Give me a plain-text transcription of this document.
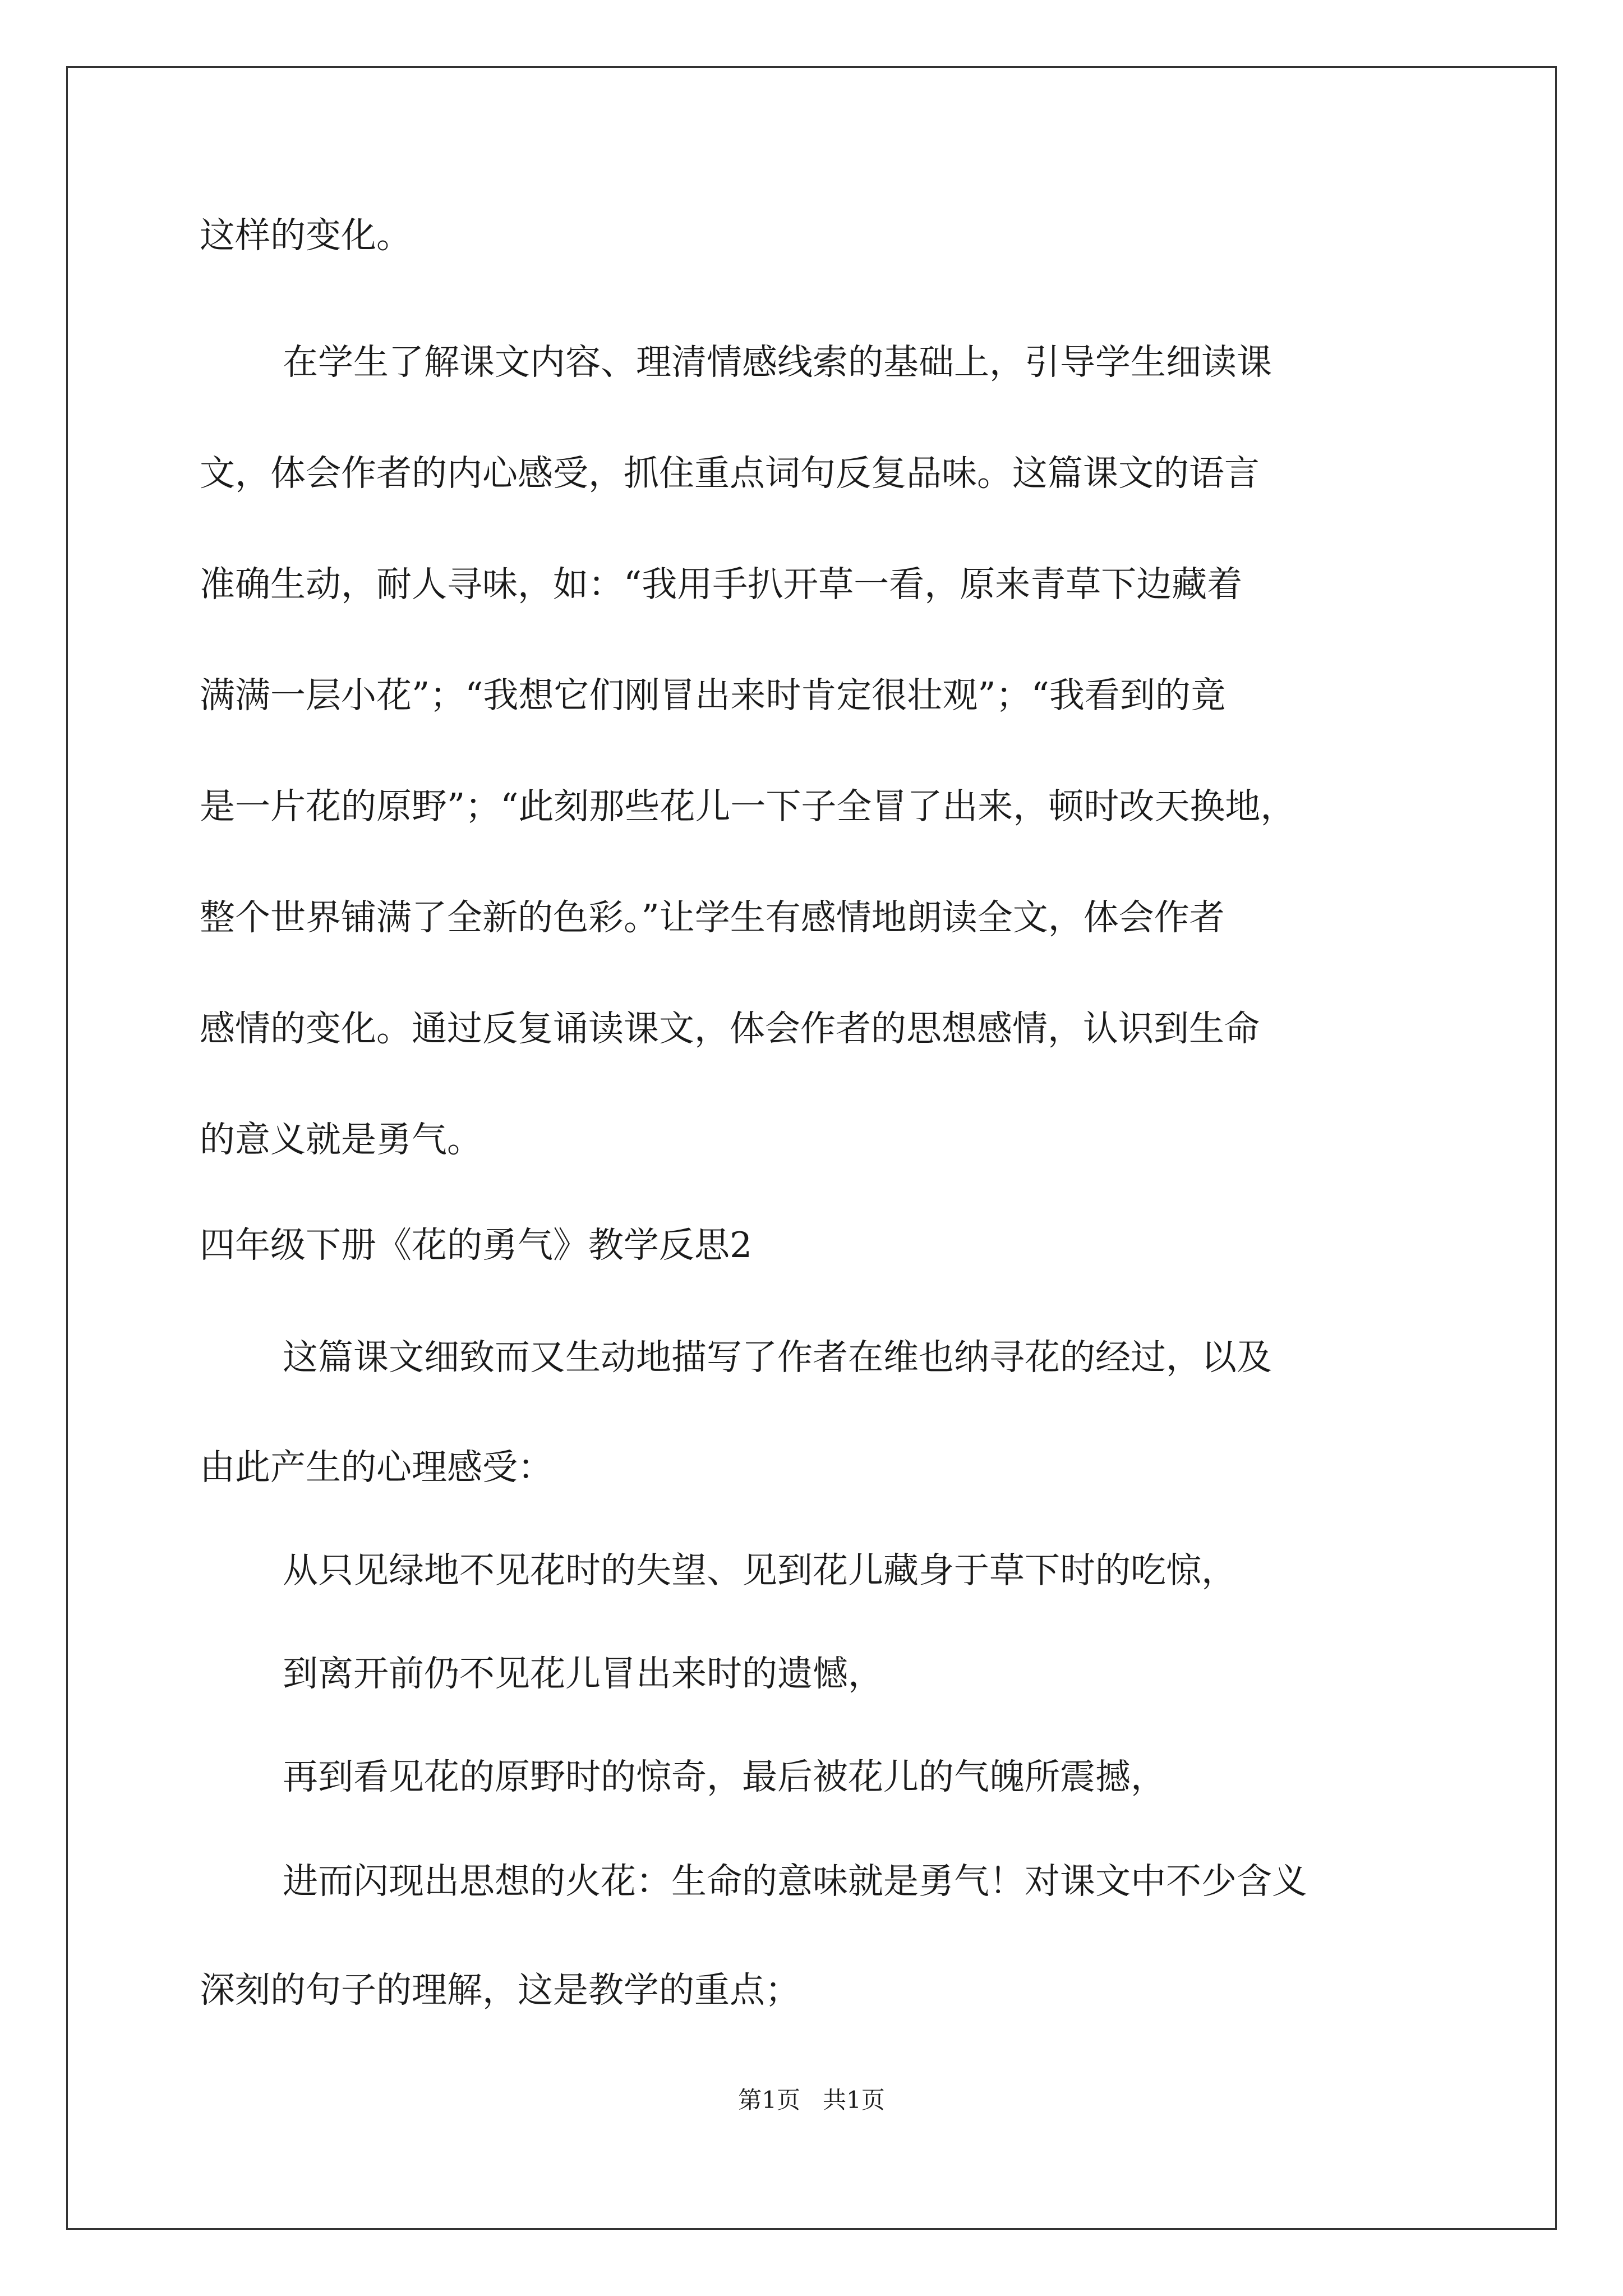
这样的变化。
在学生了解课文内容、理清情感线索的基础上，引导学生细读课
文，体会作者的内心感受，抓住重点词句反复品味。这篇课文的语言
准确生动，耐人寻味，如：“我用手扒开草一看，原来青草下边藏着
满满一层小花”；“我想它们刚冒出来时肯定很壮观”；“我看到的竟
是一片花的原野”；“此刻那些花儿一下子全冒了出来，顿时改天换地，
整个世界铺满了全新的色彩。”让学生有感情地朗读全文，体会作者
感情的变化。通过反复诵读课文，体会作者的思想感情，认识到生命
的意义就是勇气。
四年级下册《花的勇气》教学反思2
这篇课文细致而又生动地描写了作者在维也纳寻花的经过，以及
由此产生的心理感受：
从只见绿地不见花时的失望、见到花儿藏身于草下时的吃惊，
到离开前仍不见花儿冒出来时的遗憾，
再到看见花的原野时的惊奇，最后被花儿的气魄所震撼，
进而闪现出思想的火花：生命的意味就是勇气！对课文中不少含义
深刻的句子的理解，这是教学的重点；
第1页   共1页
